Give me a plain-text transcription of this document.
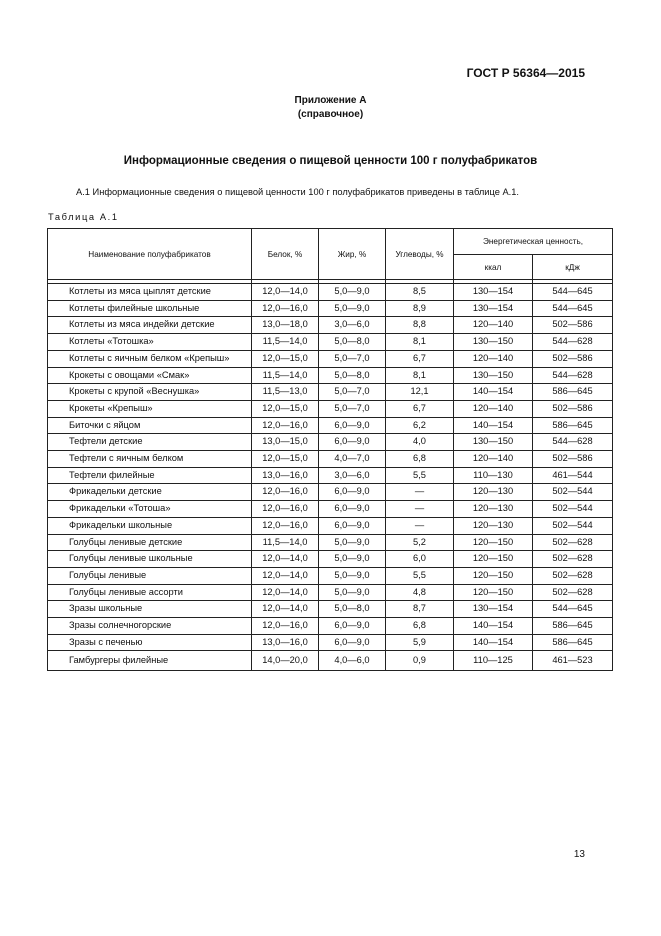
ГОСТ Р 56364—2015
Приложение А
(справочное)
Информационные сведения о пищевой ценности 100 г полуфабрикатов
А.1 Информационные сведения о пищевой ценности 100 г полуфабрикатов приведены в таблице А.1.
Таблица А.1
Наименование полуфабрикатов	Белок, %	Жир, %	Углеводы, %	Энергетическая ценность,	
				ккал	кДж

Котлеты из мяса цыплят детские	12,0—14,0	5,0—9,0	8,5	130—154	544—645
Котлеты филейные школьные	12,0—16,0	5,0—9,0	8,9	130—154	544—645
Котлеты из мяса индейки детские	13,0—18,0	3,0—6,0	8,8	120—140	502—586
Котлеты «Тотошка»	11,5—14,0	5,0—8,0	8,1	130—150	544—628
Котлеты с яичным белком «Крепыш»	12,0—15,0	5,0—7,0	6,7	120—140	502—586
Крокеты с овощами «Смак»	11,5—14,0	5,0—8,0	8,1	130—150	544—628
Крокеты с крупой «Веснушка»	11,5—13,0	5,0—7,0	12,1	140—154	586—645
Крокеты «Крепыш»	12,0—15,0	5,0—7,0	6,7	120—140	502—586
Биточки с яйцом	12,0—16,0	6,0—9,0	6,2	140—154	586—645
Тефтели детские	13,0—15,0	6,0—9,0	4,0	130—150	544—628
Тефтели с яичным белком	12,0—15,0	4,0—7,0	6,8	120—140	502—586
Тефтели филейные	13,0—16,0	3,0—6,0	5,5	110—130	461—544
Фрикадельки детские	12,0—16,0	6,0—9,0	—	120—130	502—544
Фрикадельки «Тотоша»	12,0—16,0	6,0—9,0	—	120—130	502—544
Фрикадельки школьные	12,0—16,0	6,0—9,0	—	120—130	502—544
Голубцы ленивые детские	11,5—14,0	5,0—9,0	5,2	120—150	502—628
Голубцы ленивые школьные	12,0—14,0	5,0—9,0	6,0	120—150	502—628
Голубцы ленивые	12,0—14,0	5,0—9,0	5,5	120—150	502—628
Голубцы ленивые ассорти	12,0—14,0	5,0—9,0	4,8	120—150	502—628
Зразы школьные	12,0—14,0	5,0—8,0	8,7	130—154	544—645
Зразы солнечногорские	12,0—16,0	6,0—9,0	6,8	140—154	586—645
Зразы с печенью	13,0—16,0	6,0—9,0	5,9	140—154	586—645
Гамбургеры филейные	14,0—20,0	4,0—6,0	0,9	110—125	461—523
13
